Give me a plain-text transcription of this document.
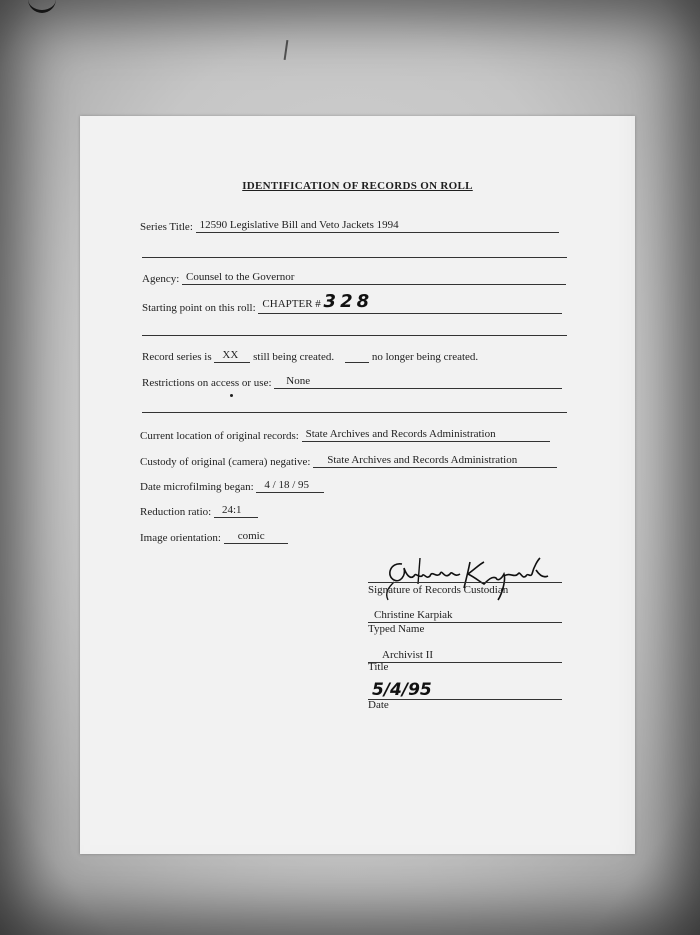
IDENTIFICATION OF RECORDS ON ROLL
Series Title: 12590 Legislative Bill and Veto Jackets 1994
Agency: Counsel to the Governor
Starting point on this roll: CHAPTER # 328
Record series is XX still being created.	no longer being created.
Restrictions on access or use: None
Current location of original records: State Archives and Records Administration
Custody of original (camera) negative: State Archives and Records Administration
Date microfilming began: 4 / 18 / 95
Reduction ratio: 24:1
Image orientation: comic
Signature of Records Custodian
Christine Karpiak
Typed Name
Archivist II
Title
5/4/95
Date
